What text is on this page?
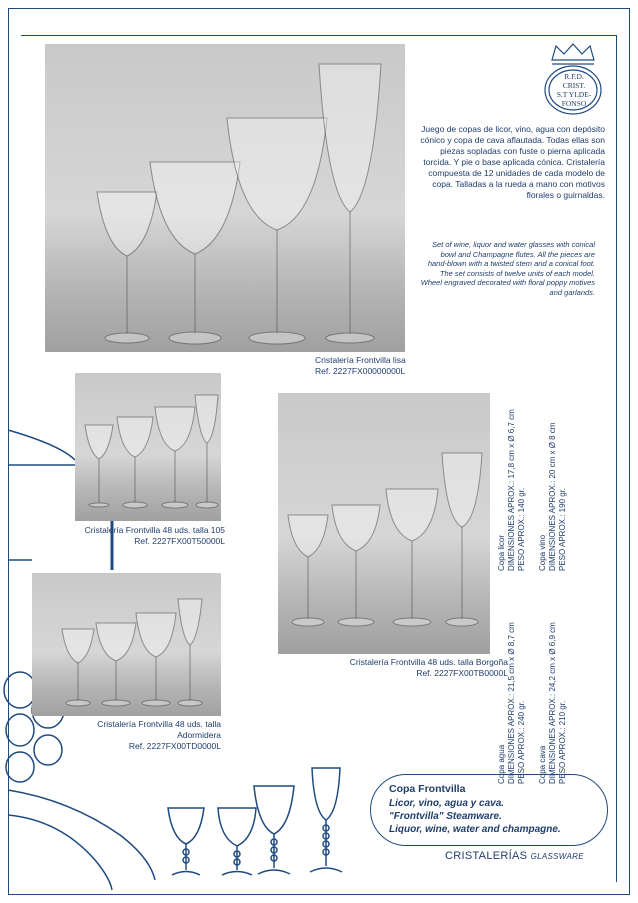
Cristalería Frontvilla lisa
Ref. 2227FX00000000L
R.F.D.
CRIST.
S.T YLDE-
FONSO
Juego de copas de licor, vino, agua con depósito cónico y copa de cava aflautada. Todas ellas son piezas sopladas con fuste o pierna aplicada torcida. Y pie o base aplicada cónica. Cristalería compuesta de 12 unidades de cada modelo de copa. Talladas a la rueda a mano con motivos florales o guirnaldas.
Set of wine, liquor and water glasses with conical bowl and Champagne flutes. All the pieces are hand-blown with a twisted stem and a conical foot. The set consists of twelve units of each model. Wheel engraved decorated with floral poppy motives and garlands.
Cristalería Frontvilla 48 uds. talla 105
Ref. 2227FX00T50000L
Cristalería Frontvilla 48 uds. talla
Adormidera
Ref. 2227FX00TD0000L
Cristalería Frontvilla 48 uds. talla Borgoña
Ref. 2227FX00TB0000L
Copa licor DIMENSIONES APROX.: 17,8 cm x Ø 6,7 cm PESO APROX.: 140 gr. Copa vino DIMENSIONES APROX.: 20 cm x Ø 8 cm PESO APROX.: 190 gr.
Copa agua DIMENSIONES APROX.: 21,5 cm x Ø 8,7 cm PESO APROX.: 240 gr. Copa cava DIMENSIONES APROX.: 24,2 cm x Ø 6,9 cm PESO APROX.: 210 gr.
Copa Frontvilla
Licor, vino, agua y cava.
"Frontvilla" Steamware.
Liquor, wine, water and champagne.
CRISTALERÍAS GLASSWARE
